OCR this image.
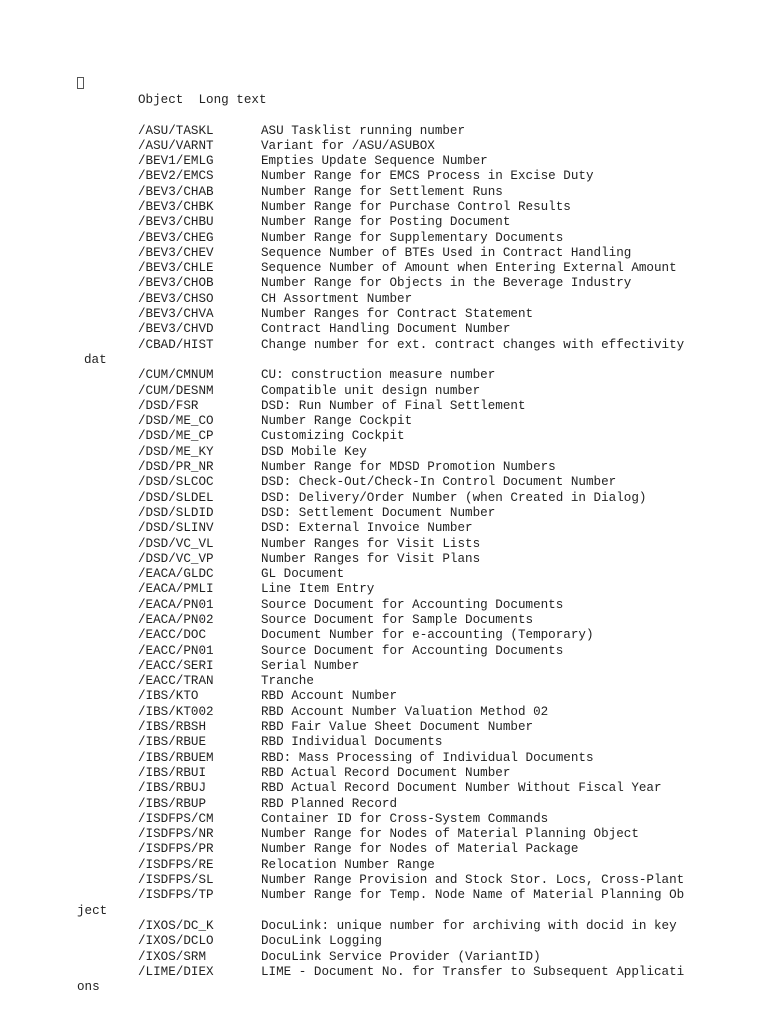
Object Long text
/ASU/TASKL	ASU Tasklist running number
/ASU/VARNT	Variant for /ASU/ASUBOX
/BEV1/EMLG	Empties Update Sequence Number
/BEV2/EMCS	Number Range for EMCS Process in Excise Duty
/BEV3/CHAB	Number Range for Settlement Runs
/BEV3/CHBK	Number Range for Purchase Control Results
/BEV3/CHBU	Number Range for Posting Document
/BEV3/CHEG	Number Range for Supplementary Documents
/BEV3/CHEV	Sequence Number of BTEs Used in Contract Handling
/BEV3/CHLE	Sequence Number of Amount when Entering External Amount
/BEV3/CHOB	Number Range for Objects in the Beverage Industry
/BEV3/CHSO	CH Assortment Number
/BEV3/CHVA	Number Ranges for Contract Statement
/BEV3/CHVD	Contract Handling Document Number
/CBAD/HIST	Change number for ext. contract changes with effectivity
dat
/CUM/CMNUM	CU: construction measure number
/CUM/DESNM	Compatible unit design number
/DSD/FSR	DSD: Run Number of Final Settlement
/DSD/ME_CO	Number Range Cockpit
/DSD/ME_CP	Customizing Cockpit
/DSD/ME_KY	DSD Mobile Key
/DSD/PR_NR	Number Range for MDSD Promotion Numbers
/DSD/SLCOC	DSD: Check-Out/Check-In Control Document Number
/DSD/SLDEL	DSD: Delivery/Order Number (when Created in Dialog)
/DSD/SLDID	DSD: Settlement Document Number
/DSD/SLINV	DSD: External Invoice Number
/DSD/VC_VL	Number Ranges for Visit Lists
/DSD/VC_VP	Number Ranges for Visit Plans
/EACA/GLDC	GL Document
/EACA/PMLI	Line Item Entry
/EACA/PN01	Source Document for Accounting Documents
/EACA/PN02	Source Document for Sample Documents
/EACC/DOC	Document Number for e-accounting (Temporary)
/EACC/PN01	Source Document for Accounting Documents
/EACC/SERI	Serial Number
/EACC/TRAN	Tranche
/IBS/KTO	RBD Account Number
/IBS/KT002	RBD Account Number Valuation Method 02
/IBS/RBSH	RBD Fair Value Sheet Document Number
/IBS/RBUE	RBD Individual Documents
/IBS/RBUEM	RBD: Mass Processing of Individual Documents
/IBS/RBUI	RBD Actual Record Document Number
/IBS/RBUJ	RBD Actual Record Document Number Without Fiscal Year
/IBS/RBUP	RBD Planned Record
/ISDFPS/CM	Container ID for Cross-System Commands
/ISDFPS/NR	Number Range for Nodes of Material Planning Object
/ISDFPS/PR	Number Range for Nodes of Material Package
/ISDFPS/RE	Relocation Number Range
/ISDFPS/SL	Number Range Provision and Stock Stor. Locs, Cross-Plant
/ISDFPS/TP	Number Range for Temp. Node Name of Material Planning Ob
ject
/IXOS/DC_K	DocuLink: unique number for archiving with docid in key
/IXOS/DCLO	DocuLink Logging
/IXOS/SRM	DocuLink Service Provider (VariantID)
/LIME/DIEX	LIME - Document No. for Transfer to Subsequent Applicati
ons
